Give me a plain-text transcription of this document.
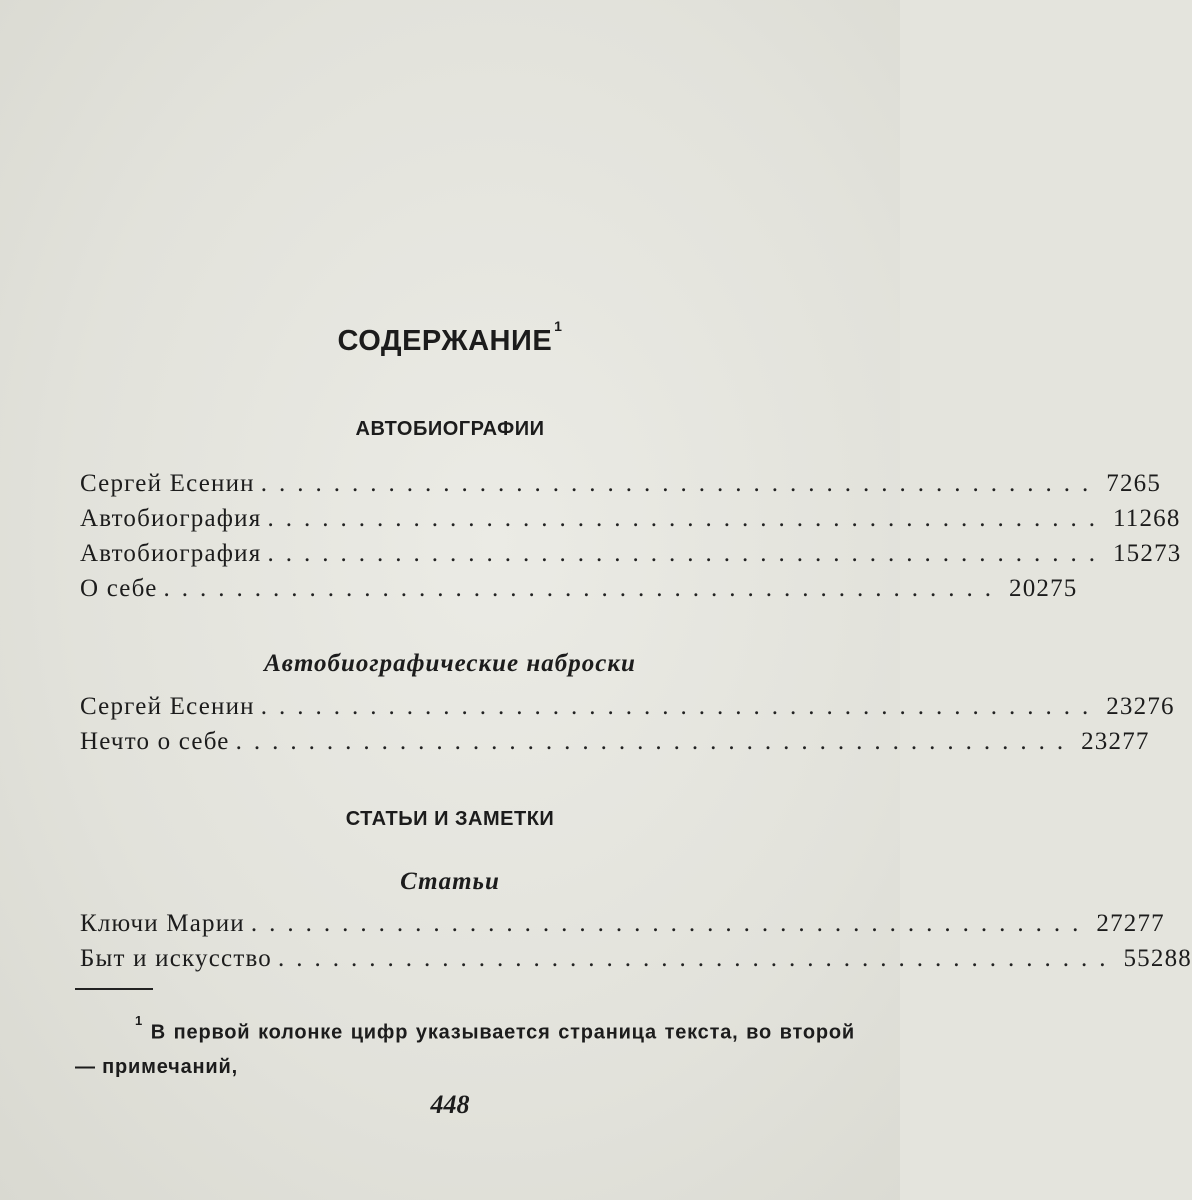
СОДЕРЖАНИЕ $^1$
АВТОБИОГРАФИИ
Сергей Есенин .............................................. 7 265
Автобиография .............................................. 11 268
Автобиография .............................................. 15 273
О себе .............................................. 20 275
Автобиографические наброски
Сергей Есенин .............................................. 23 276
Нечто о себе .............................................. 23 277
СТАТЬИ И ЗАМЕТКИ
Статьи
Ключи Марии .............................................. 27 277
Быт и искусство .............................................. 55 288
$^1$ В первой колонке цифр указывается страница текста, во второй — примечаний,
448
